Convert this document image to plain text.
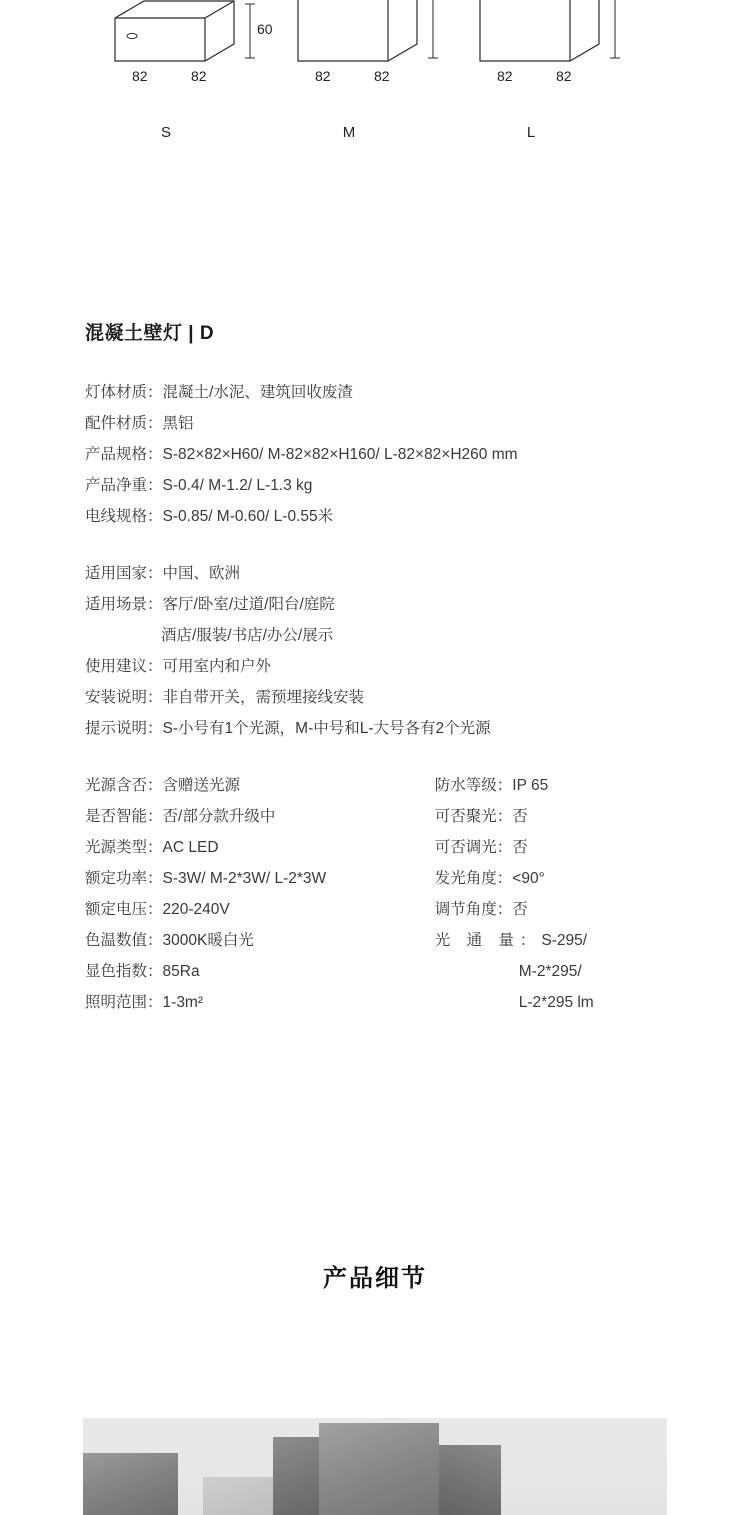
60
82	82
S
82	82
M
82	82
L
混凝土壁灯 | D
灯体材质 ：	混凝土/水泥、建筑回收废渣
配件材质 ：	黑铝
产品规格 ：	S-82×82×H60/ M-82×82×H160/ L-82×82×H260 mm
产品净重 ：	S-0.4/ M-1.2/ L-1.3 kg
电线规格 ：	S-0.85/ M-0.60/ L-0.55米
适用国家 ：	中国、欧洲
适用场景 ：	客厅/卧室/过道/阳台/庭院
酒店/服装/书店/办公/展示
使用建议 ：	可用室内和户外
安装说明 ：	非自带开关，需预埋接线安装
提示说明 ：	S-小号有1个光源，M-中号和L-大号各有2个光源
光源含否 ：	含赠送光源
是否智能 ：	否/部分款升级中
光源类型 ：	AC LED
额定功率 ：	S-3W/ M-2*3W/ L-2*3W
额定电压 ：	220-240V
色温数值 ：	3000K暖白光
显色指数 ：	85Ra
照明范围 ：	1-3m²
防水等级 ：	IP 65
可否聚光 ：	否
可否调光 ：	否
发光角度 ：	<90°
调节角度 ：	否
光 通 量 ：	S-295/
M-2*295/
L-2*295 lm
产品细节
